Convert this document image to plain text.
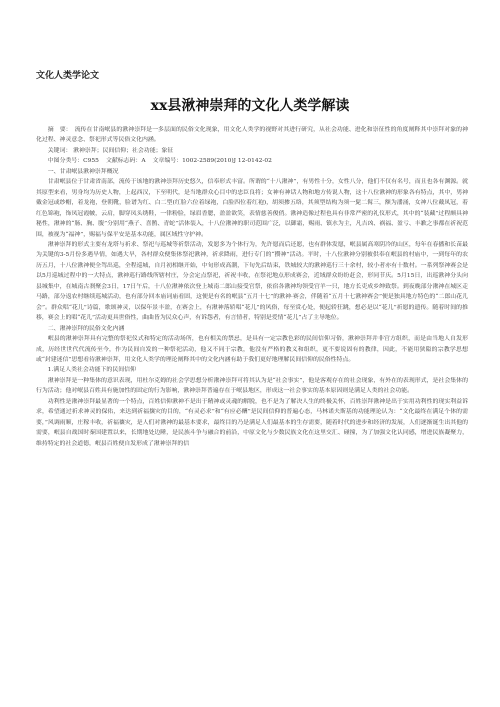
文化人类学论文
xx县湫神崇拜的文化人类学解读

摘　要： 流传在甘南岷县的湫神崇拜是一多层面的民俗文化现象，用文化人类学的视野对其进行研究，从社会功能、进化和崇征性的角度阐释其中崇拜对象的神化过程、神灵意念、祭祀形式等民俗文化内涵。

关键词： 湫神崇拜；民间信仰；社会功能；象征

中图分类号：C955 文献标志码：A 文章编号：1002-2589(2010)J 12-0142-02

一、甘肃岷县湫神崇拜概况

甘肃岷县位于甘肃省南部，流传于该地的湫神崇拜历史悠久，信奉形式丰富。所谓的“十八湫神”，有男性十分，女性八分，他们不仅有名号，而且也各有渊源。就其原型来看，男身均为历史人物，上起西汉，下至明代，是当地群众心目中的忠臣良将；女神有神话人物和地方传说人物，这十八位湫神的形象各有特点，其中，男神戴金冠或纱帽，着龙袍，登朝靴，脸谱为红、白二型(红脸六位着绿袍，白脸四位着红袍)，胡须掺五络，其须型结构为须一髭二髯三，额为潘涌，女神八位戴凤冠，着红色锦袍，饰凤冠霞帔，云肩，脚穿凤头绣鞋，一律粉脸，绿眉香腮，盈盈欲笑，表情慈善俊俏。湫神造像过程也具有非常严密的礼仪形式，其中的“装藏”过程颇具神秘性，湫神的“肠、胸、腹”分别用“燕子、喜鹊、青蛇”活体装入，十八位湫神的职司范围广泛，以御霜，赐雨、镇水为主，凡吉凶、祸福、盈亏、丰歉之事都在祈祝范围，被视为“福神”，赐福与保平安是基本功能，属区域性守护神。

湫神崇拜的形式主要有龙塔与祈求、祭祀与巡城等祈祭活动，发愿多为个体行为，先许愿而后还愿，也有群体发愿，岷县属高寒阴冷的山区，每年在春播和长苗最为关键的3-5月份多遇旱情，如遇大旱，各村群众便集体祭祀湫神，祈求降雨，进行专门的“攒神”活动。平时，十八位湫神分别被供奉在岷县的村庙中，一到每年的农历五月，十八位湫神便全驾出巡，全程巡城，自月初相继开始，中旬形成高潮，下旬先后结束，铁城较大的湫神巡行三十余村，较小者亦有十数村。一系列祭神赛会是以5月巡城过程中的一大特点，湫神巡行路线所辖村庄，分会定点祭祀，祈祝丰收，在祭祀地点形成赛会，近域群众纷纷赶会，形同节庆。5月15日，出巡湫神分头向县城集中，在城南古刹聚会3日，17日午后，十八位湫神依次登上城南二郎山接受官祭，依宿各湫神均领受官羊一只，地方长吏成乡绅致祭。到夜晚部分湫神在城区走马路，部分返农村继续巡城活动，也有部分回本庙词庙看固，这便是有名的岷县“五月十七”的湫神·赛会，伴随着“五月十七湫神赛会”便是独具地方特色的“二郎山花儿会”。群众唱“花儿”诗篇，歌颂神灵，以保年景丰盈，在赛会上，有湫神落轿唱“花儿”的风俗，每至赏心处，便起轿狂跳，想必是以“花儿”祈愿的遗传。随着时间的推移，赛会上的唱“花儿”活动更具世俗性，曲曲皆为民众心声，有诉怨者，有言情者，特别是爱情“花儿”占了主导地位。

二、湫神崇拜的民俗文化内涵

岷县的湫神崇拜具有完整的祭祀仪式和特定的活动场所，也有相关的禁忌，是具有一定宗教色彩的民间信仰习俗，湫神崇拜并非官方组织，而是由当地人自发形成，历经世世代代流传至今，作为民间自发的一种祭祀活动，他又不同于宗教，他没有严格的教义和组织，更不要说固有的教律，因此，不能用狭隘的宗教学思想或“封建迷信”思想看待湫神崇拜，用文化人类学的理论阐释其中的文化内涵有助于我们更好地理解民间信仰的民俗性特点。

1.满足人类社会功能下的民间信仰

湫神崇拜是一种集体的意识表现，用杜尔克姆的社会学思想分析湫神崇拜可将其认为是“社会事实”，他是客观存在的社会现象，有外在的表现形式，是社会集体的行为活动；他对岷县百姓具有施加性的固定的行为影响，湫神崇拜普遍存在于岷县地区，形成这一社会事实的基本原因则是满足人类的社会功能。

功利性是湫神崇拜最显著的一个特点，百姓信仰湫神不是出于精神或灵魂的解脱，也不是为了解决人生的终极关怀，百姓崇拜湫神是出于实用功利性的现实利益诉求，希望通过祈求神灵的保佑，来达到祈福攘灾的目的，“有灵必求”和“有应必酬”是民间信仰的普遍心态，马林诺夫斯基的功能理论认为：“文化最终在满足个体的需要，”风调雨顺，庄稼丰收，祈福禳灾，是人们对湫神的最基本要求，最终目的乃是满足人们最基本的生存需要，随着时代的进步和经济的发展，人们逐渐诞生出其他的需要，岷县自战国时秦国建置以来，长期地处边陲，是民族斗争与融合的前沿，中原文化与少数民族文化在这里交汇、碰撞，为了加强文化认同感，增进民族凝聚力，维持特定的社会道德，岷县百姓便自发形成了湫神崇拜的信
